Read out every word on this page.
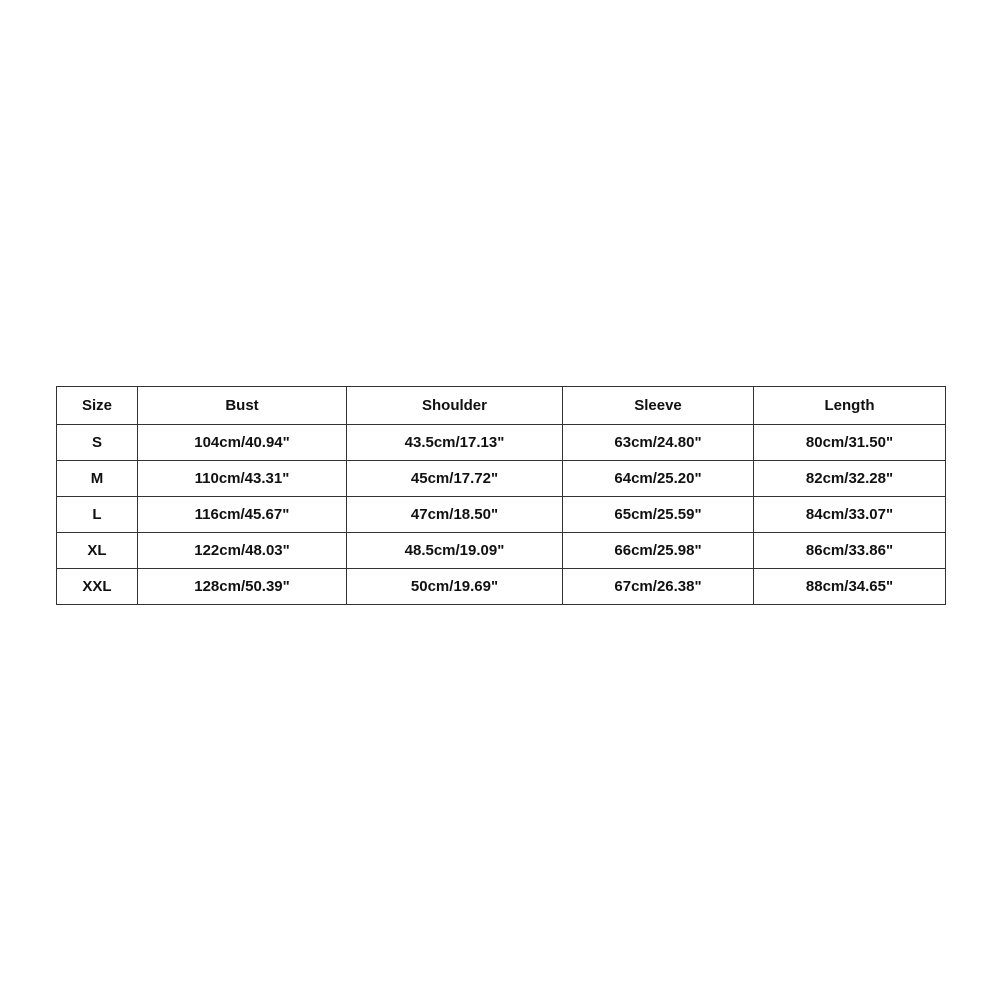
Size	Bust	Shoulder	Sleeve	Length
S	104cm/40.94"	43.5cm/17.13"	63cm/24.80"	80cm/31.50"
M	110cm/43.31"	45cm/17.72"	64cm/25.20"	82cm/32.28"
L	116cm/45.67"	47cm/18.50"	65cm/25.59"	84cm/33.07"
XL	122cm/48.03"	48.5cm/19.09"	66cm/25.98"	86cm/33.86"
XXL	128cm/50.39"	50cm/19.69"	67cm/26.38"	88cm/34.65"
